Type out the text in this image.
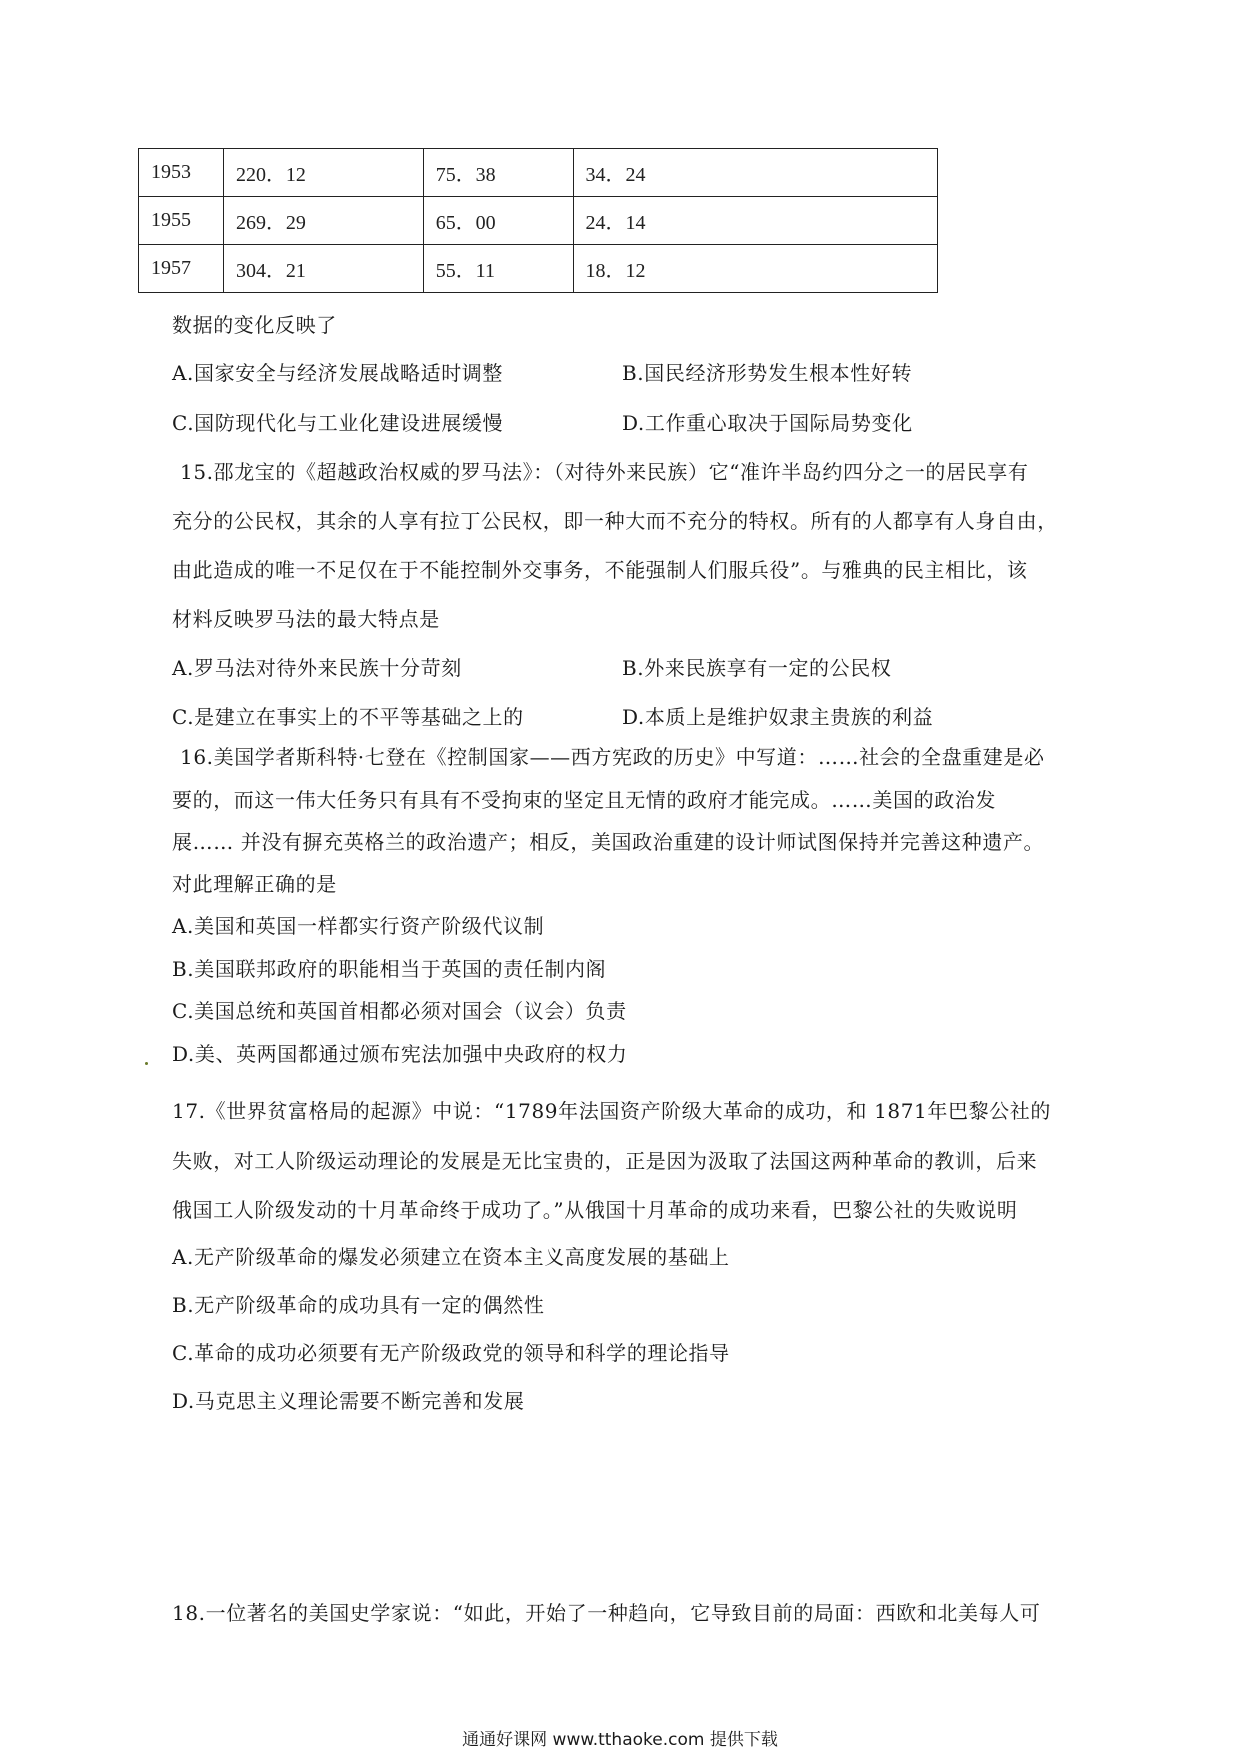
1953	220．12	75．38	34．24
1955	269．29	65．00	24．14
1957	304．21	55．11	18．12
数据的变化反映了
A.国家安全与经济发展战略适时调整	B.国民经济形势发生根本性好转
C.国防现代化与工业化建设进展缓慢	D.工作重心取决于国际局势变化
15.邵龙宝的《超越政治权威的罗马法》：（对待外来民族）它“准许半岛约四分之一的居民享有
充分的公民权，其余的人享有拉丁公民权，即一种大而不充分的特权。所有的人都享有人身自由，
由此造成的唯一不足仅在于不能控制外交事务，不能强制人们服兵役”。与雅典的民主相比，该
材料反映罗马法的最大特点是
A.罗马法对待外来民族十分苛刻	B.外来民族享有一定的公民权
C.是建立在事实上的不平等基础之上的	D.本质上是维护奴隶主贵族的利益
16.美国学者斯科特·七登在《控制国家——西方宪政的历史》中写道：……社会的全盘重建是必
要的，而这一伟大任务只有具有不受拘束的坚定且无情的政府才能完成。……美国的政治发
展…… 并没有摒充英格兰的政治遗产；相反，美国政治重建的设计师试图保持并完善这种遗产。
对此理解正确的是
A.美国和英国一样都实行资产阶级代议制
B.美国联邦政府的职能相当于英国的责任制内阁
C.美国总统和英国首相都必须对国会（议会）负责
D.美、英两国都通过颁布宪法加强中央政府的权力
17.《世界贫富格局的起源》中说：“1789年法国资产阶级大革命的成功，和 1871年巴黎公社的
失败，对工人阶级运动理论的发展是无比宝贵的，正是因为汲取了法国这两种革命的教训，后来
俄国工人阶级发动的十月革命终于成功了。”从俄国十月革命的成功来看，巴黎公社的失败说明
A.无产阶级革命的爆发必须建立在资本主义高度发展的基础上
B.无产阶级革命的成功具有一定的偶然性
C.革命的成功必须要有无产阶级政党的领导和科学的理论指导
D.马克思主义理论需要不断完善和发展
18.一位著名的美国史学家说：“如此，开始了一种趋向，它导致目前的局面：西欧和北美每人可
通通好课网 www.tthaoke.com 提供下载
